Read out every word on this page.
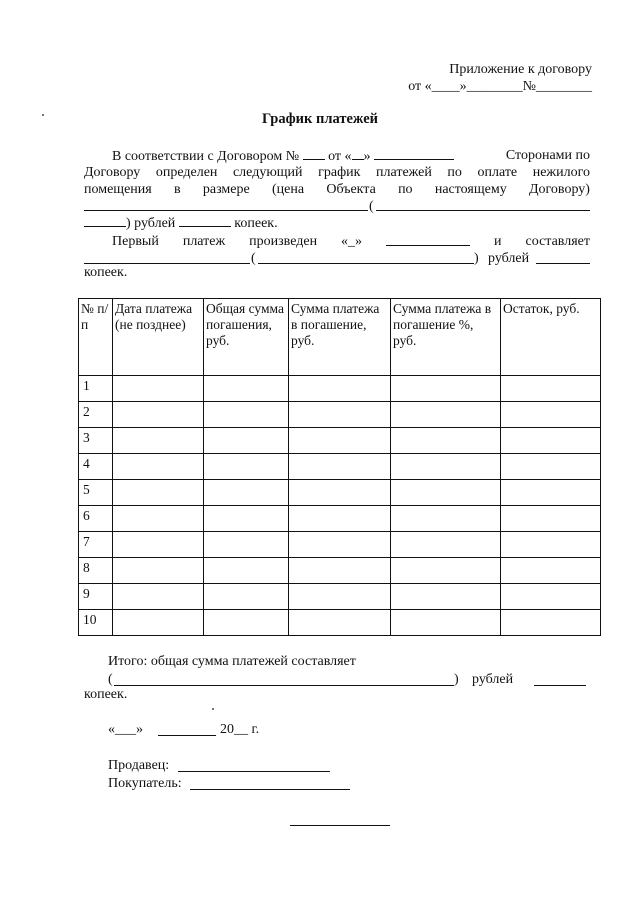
Приложение к договору
от «____»________№________
График платежей
В соответствии с Договором № от « »	Сторонами по
Договору определен следующий график платежей по оплате нежилого
помещения в размере (цена Объекта по настоящему Договору)
(
) рублей	копеек.
Первый платеж произведен «_»	и составляет
(	) рублей
копеек.
№ п/п	Дата платежа (не позднее)	Общая сумма погашения, руб.	Сумма платежа в погашение, руб.	Сумма платежа в погашение %, руб.	Остаток, руб.
1					
2					
3					
4					
5					
6					
7					
8					
9					
10					
Итого: общая сумма платежей составляет
(	) рублей
копеек.
«___»	20__ г.
Продавец:
Покупатель:
